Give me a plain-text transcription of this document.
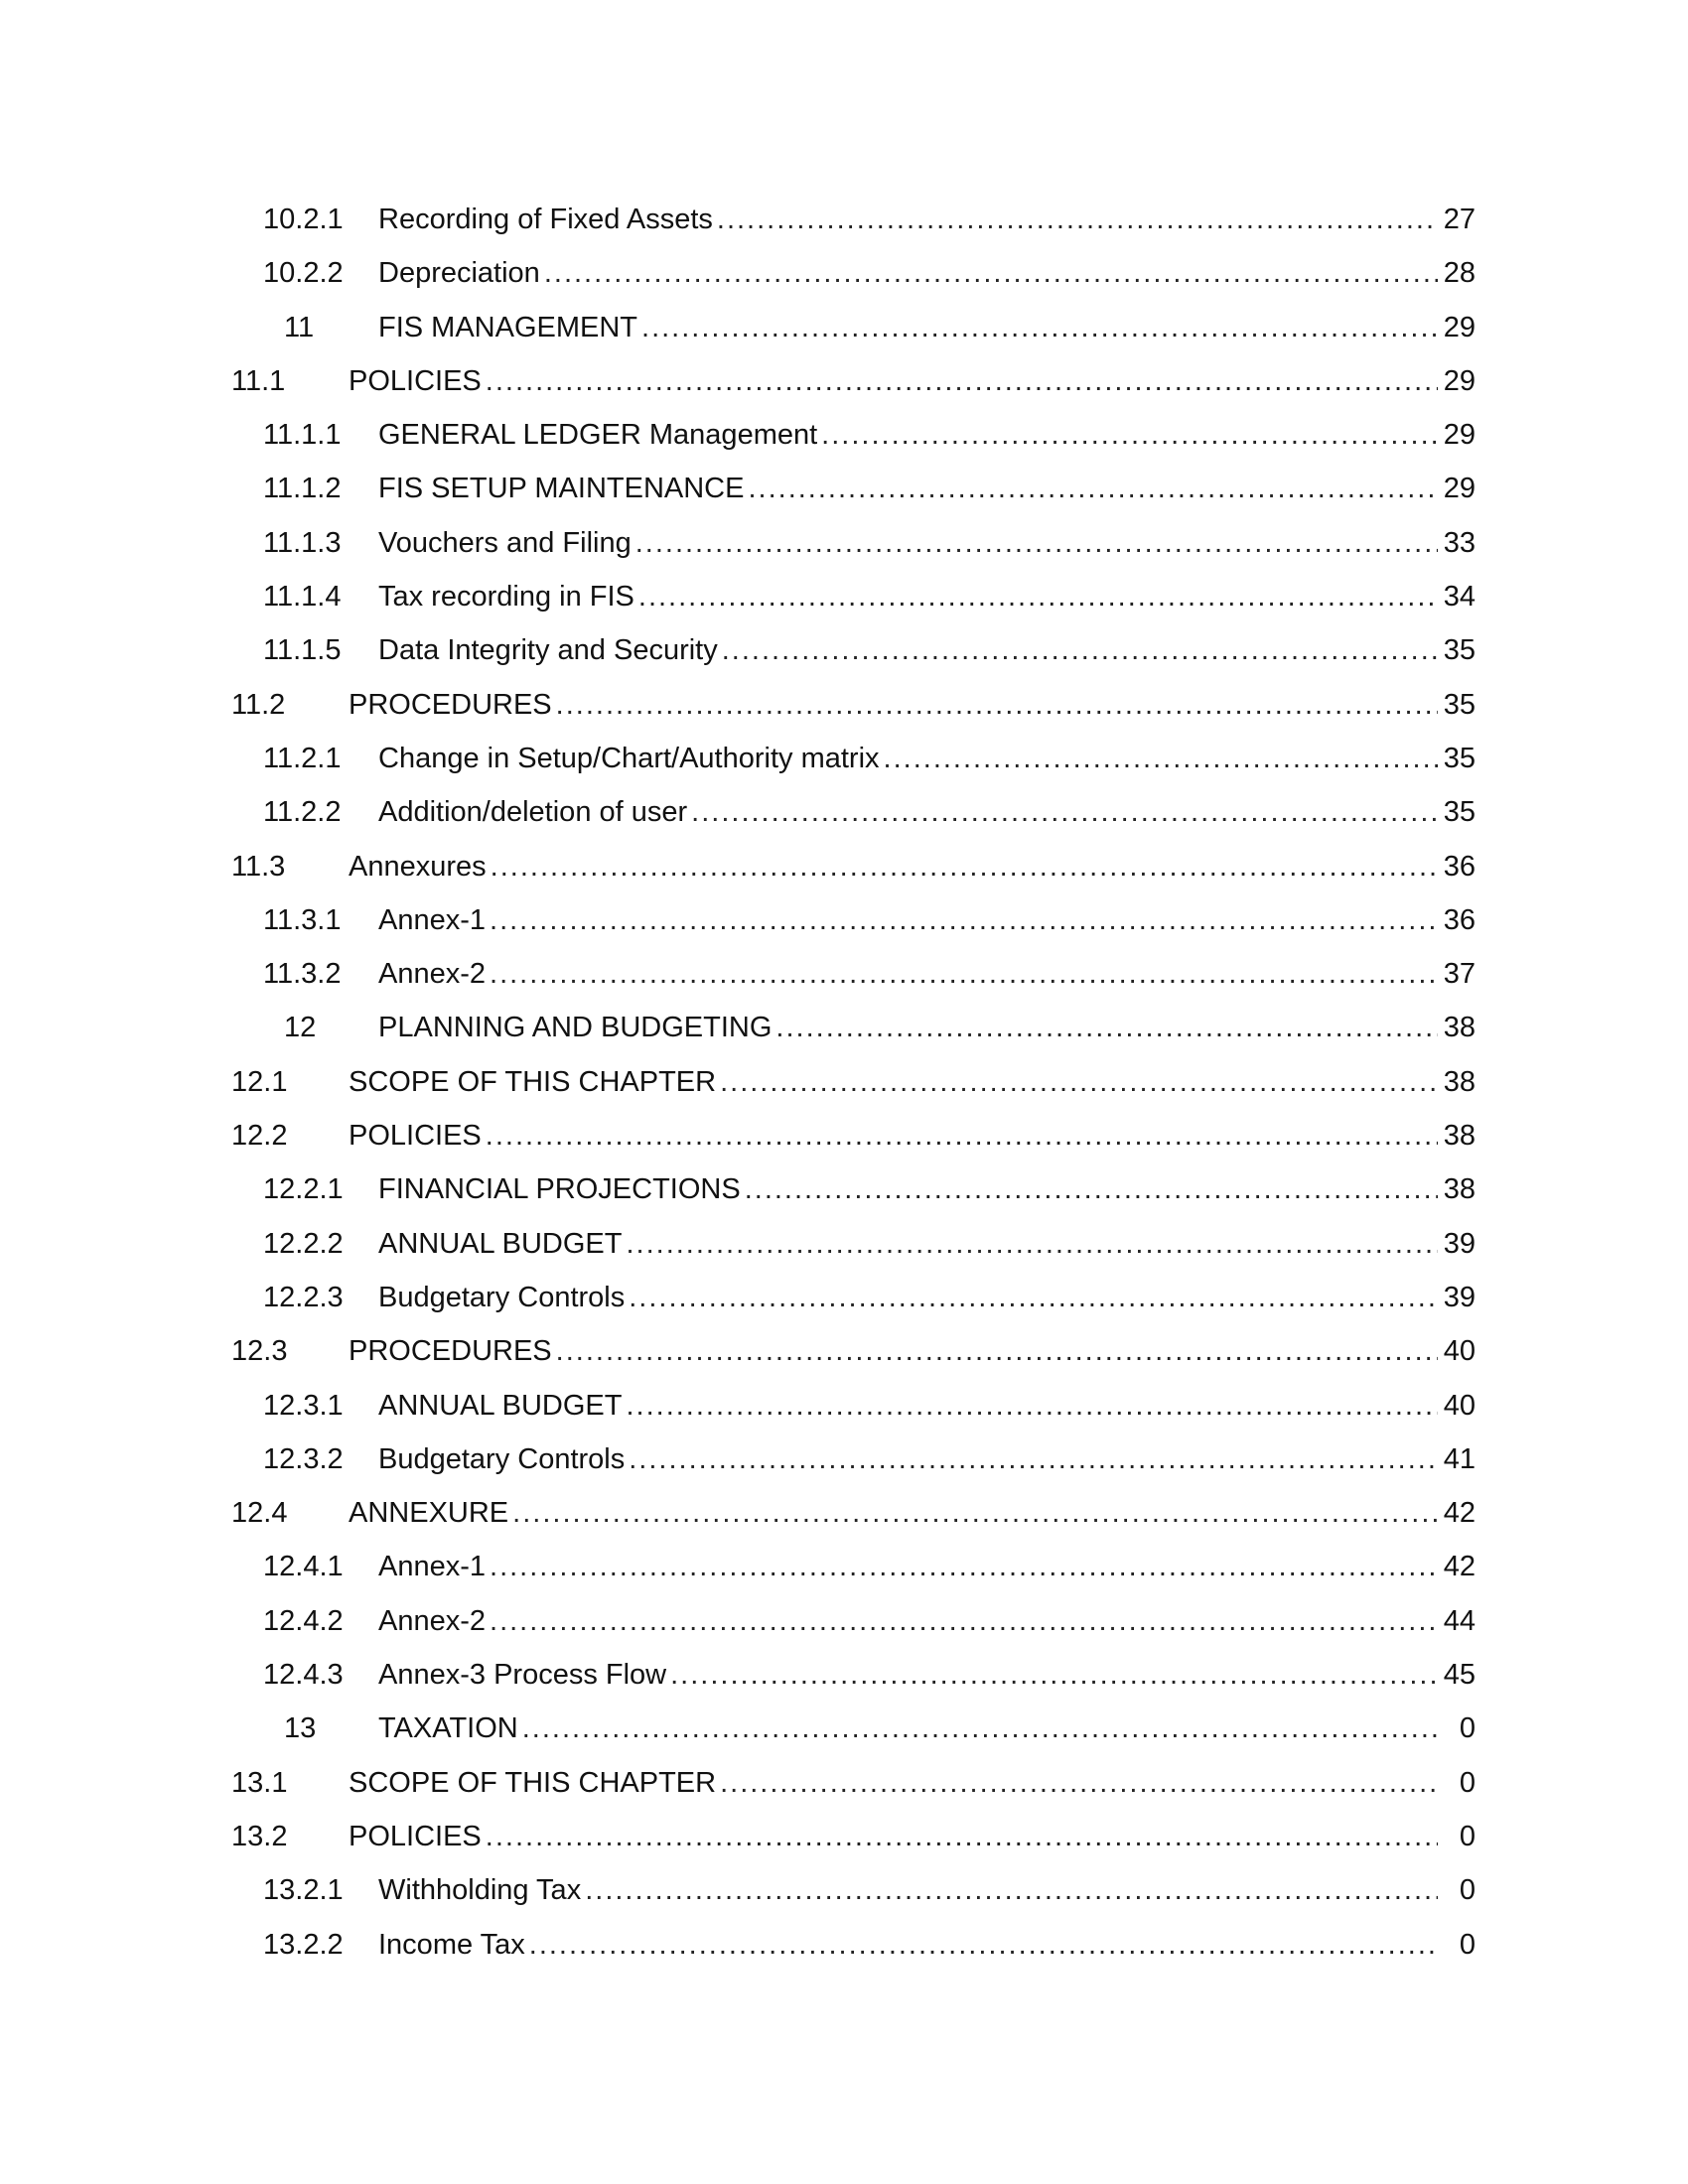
10.2.1 Recording of Fixed Assets .....	27
10.2.2 Depreciation .....	28
11 FIS MANAGEMENT .....	29
11.1 POLICIES .....	29
11.1.1 GENERAL LEDGER Management .....	29
11.1.2 FIS SETUP MAINTENANCE .....	29
11.1.3 Vouchers and Filing .....	33
11.1.4 Tax recording in FIS .....	34
11.1.5 Data Integrity and Security .....	35
11.2 PROCEDURES .....	35
11.2.1 Change in Setup/Chart/Authority matrix .....	35
11.2.2 Addition/deletion of user .....	35
11.3 Annexures .....	36
11.3.1 Annex-1 .....	36
11.3.2 Annex-2 .....	37
12 PLANNING AND BUDGETING .....	38
12.1 SCOPE OF THIS CHAPTER .....	38
12.2 POLICIES .....	38
12.2.1 FINANCIAL PROJECTIONS .....	38
12.2.2 ANNUAL BUDGET .....	39
12.2.3 Budgetary Controls .....	39
12.3 PROCEDURES .....	40
12.3.1 ANNUAL BUDGET .....	40
12.3.2 Budgetary Controls .....	41
12.4 ANNEXURE .....	42
12.4.1 Annex-1 .....	42
12.4.2 Annex-2 .....	44
12.4.3 Annex-3 Process Flow .....	45
13 TAXATION .....	0
13.1 SCOPE OF THIS CHAPTER .....	0
13.2 POLICIES .....	0
13.2.1 Withholding Tax .....	0
13.2.2 Income Tax .....	0
